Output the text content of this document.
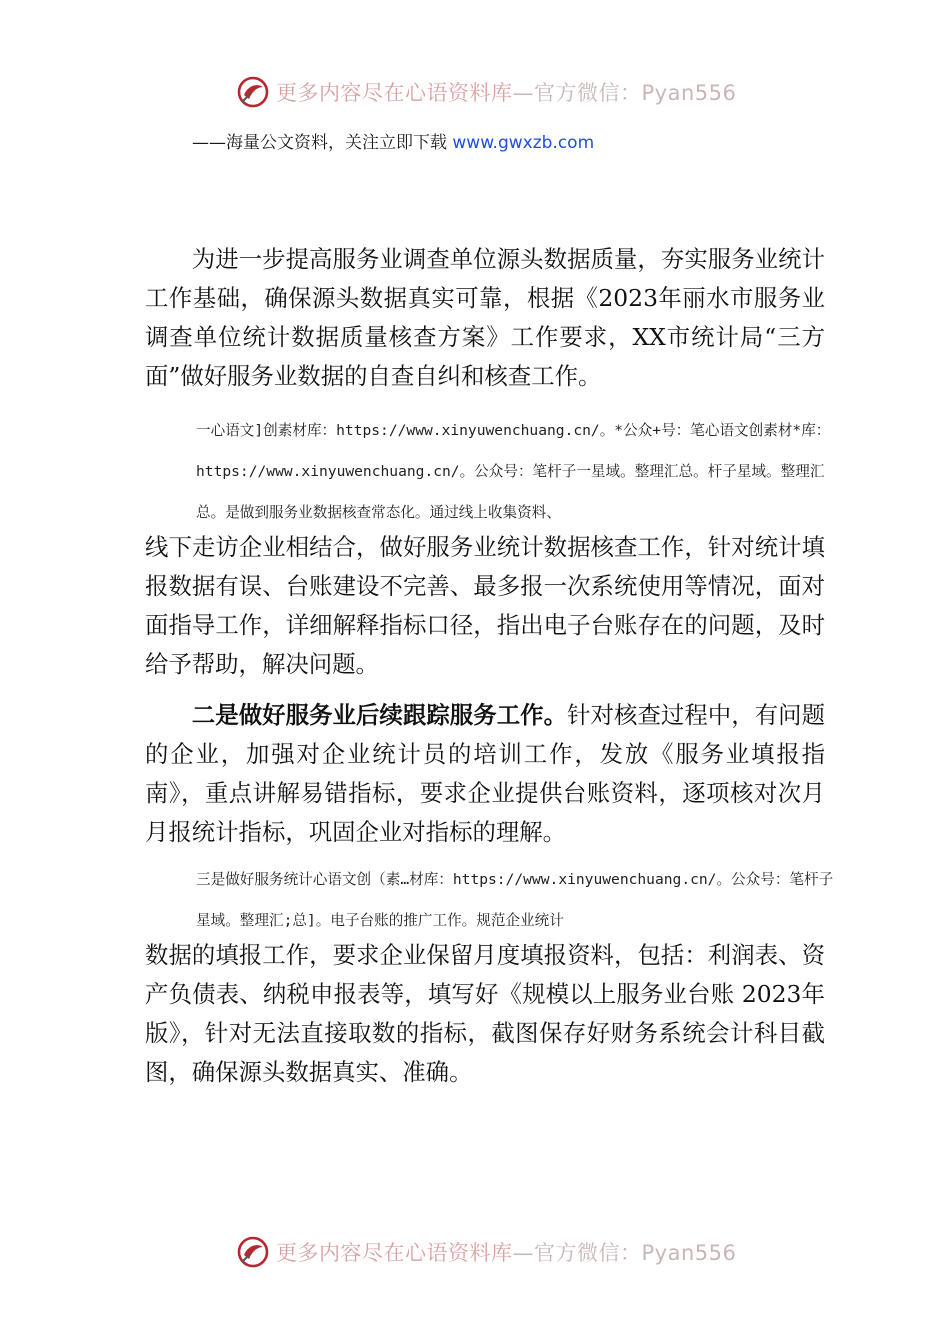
更多内容尽在心语资料库—官方微信：Pyan556
——海量公文资料，关注立即下载 www.gwxzb.com

为进一步提高服务业调查单位源头数据质量，夯实服务业统计工作基础，确保源头数据真实可靠，根据《2023年丽水市服务业调查单位统计数据质量核查方案》工作要求，XX市统计局“三方面”做好服务业数据的自查自纠和核查工作。

一心语文]创素材库：https://www.xinyuwenchuang.cn/。*公众+号：笔心语文创素材*库：https://www.xinyuwenchuang.cn/。公众号：笔杆子一星域。整理汇总。杆子星域。整理汇总。是做到服务业数据核查常态化。通过线上收集资料、

线下走访企业相结合，做好服务业统计数据核查工作，针对统计填报数据有误、台账建设不完善、最多报一次系统使用等情况，面对面指导工作，详细解释指标口径，指出电子台账存在的问题，及时给予帮助，解决问题。

二是做好服务业后续跟踪服务工作。针对核查过程中，有问题的企业，加强对企业统计员的培训工作，发放《服务业填报指南》，重点讲解易错指标，要求企业提供台账资料，逐项核对次月月报统计指标，巩固企业对指标的理解。

三是做好服务统计心语文创（素…材库：https://www.xinyuwenchuang.cn/。公众号：笔杆子星域。整理汇;总]。电子台账的推广工作。规范企业统计

数据的填报工作，要求企业保留月度填报资料，包括：利润表、资产负债表、纳税申报表等，填写好《规模以上服务业台账 2023年版》，针对无法直接取数的指标，截图保存好财务系统会计科目截图，确保源头数据真实、准确。

更多内容尽在心语资料库—官方微信：Pyan556
